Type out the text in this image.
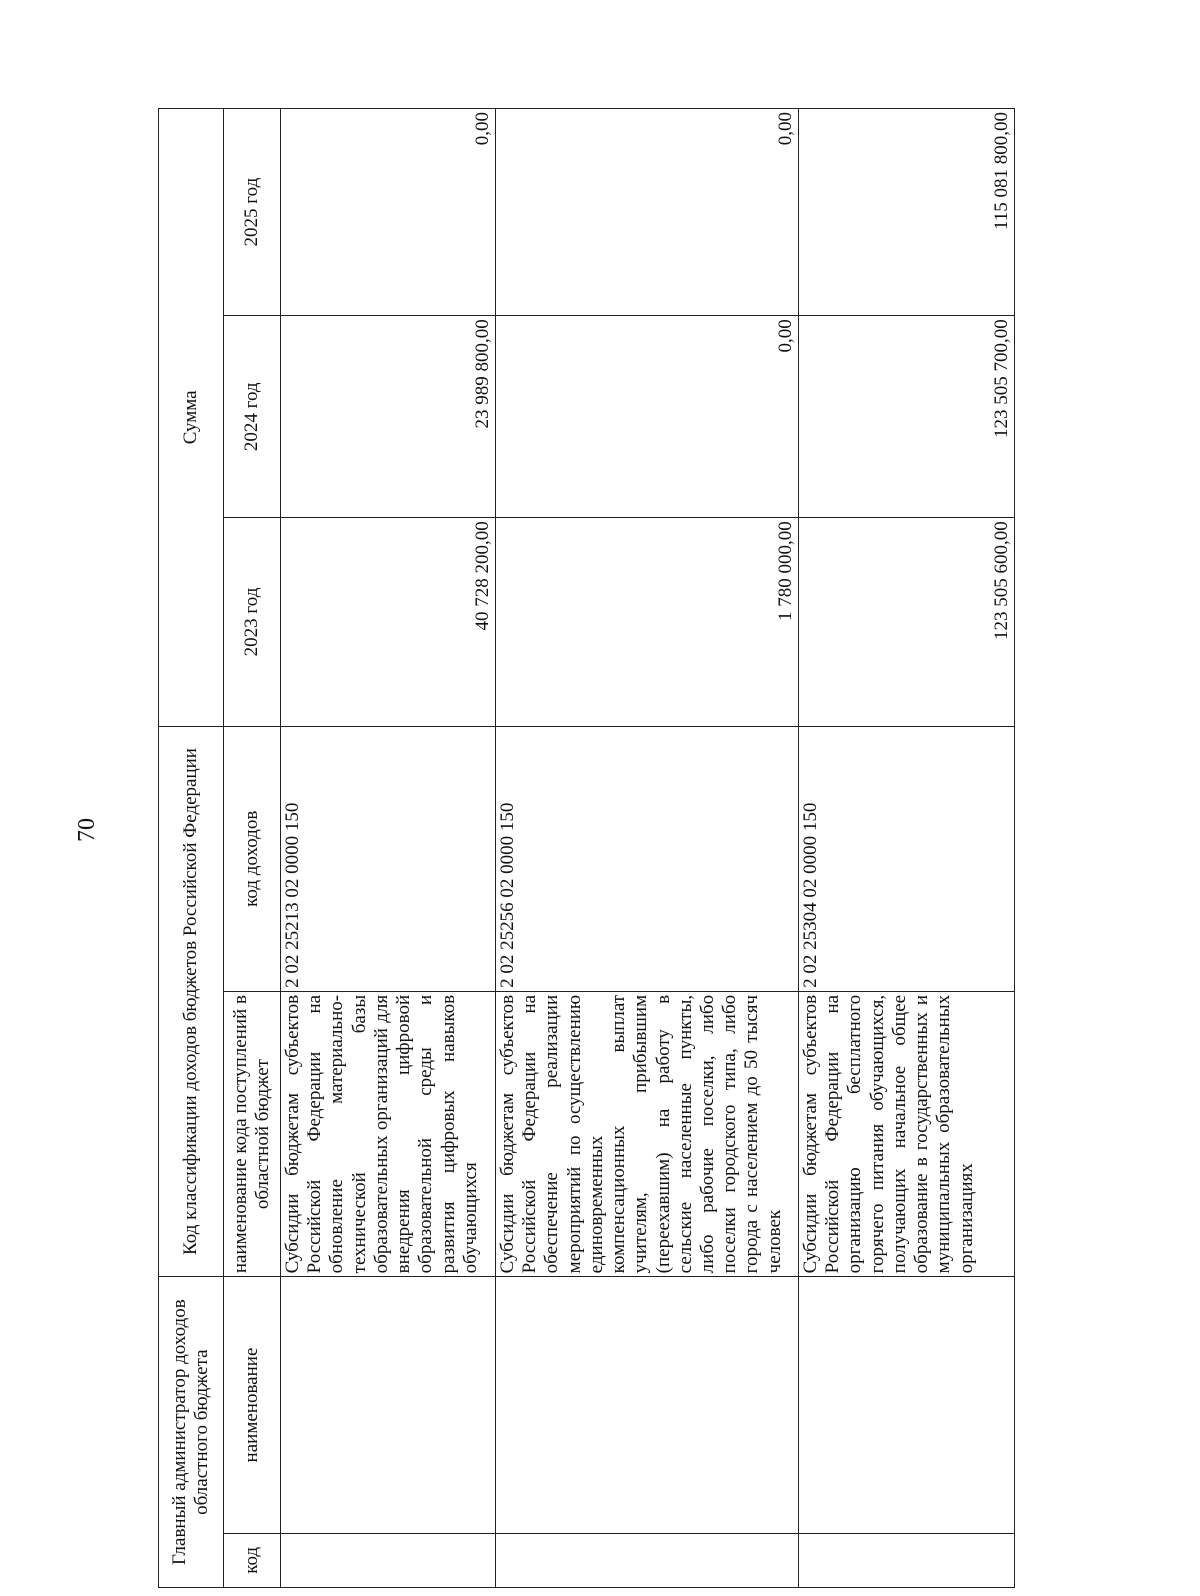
70
Главный администратор доходов областного бюджета		Код классификации доходов бюджетов Российской Федерации		Сумма		
код	наименование	наименование кода поступлений в областной бюджет	код доходов	2023 год	2024 год	2025 год
		Субсидии бюджетам субъектов Российской Федерации на обновление материально-технической базы образовательных организаций для внедрения цифровой образовательной среды и развития цифровых навыков обучающихся	2 02 25213 02 0000 150	40 728 200,00	23 989 800,00	0,00
		Субсидии бюджетам субъектов Российской Федерации на обеспечение реализации мероприятий по осуществлению единовременных компенсационных выплат учителям, прибывшим (переехавшим) на работу в сельские населенные пункты, либо рабочие поселки, либо поселки городского типа, либо города с населением до 50 тысяч человек	2 02 25256 02 0000 150	1 780 000,00	0,00	0,00
		Субсидии бюджетам субъектов Российской Федерации на организацию бесплатного горячего питания обучающихся, получающих начальное общее образование в государственных и муниципальных образовательных организациях	2 02 25304 02 0000 150	123 505 600,00	123 505 700,00	115 081 800,00
